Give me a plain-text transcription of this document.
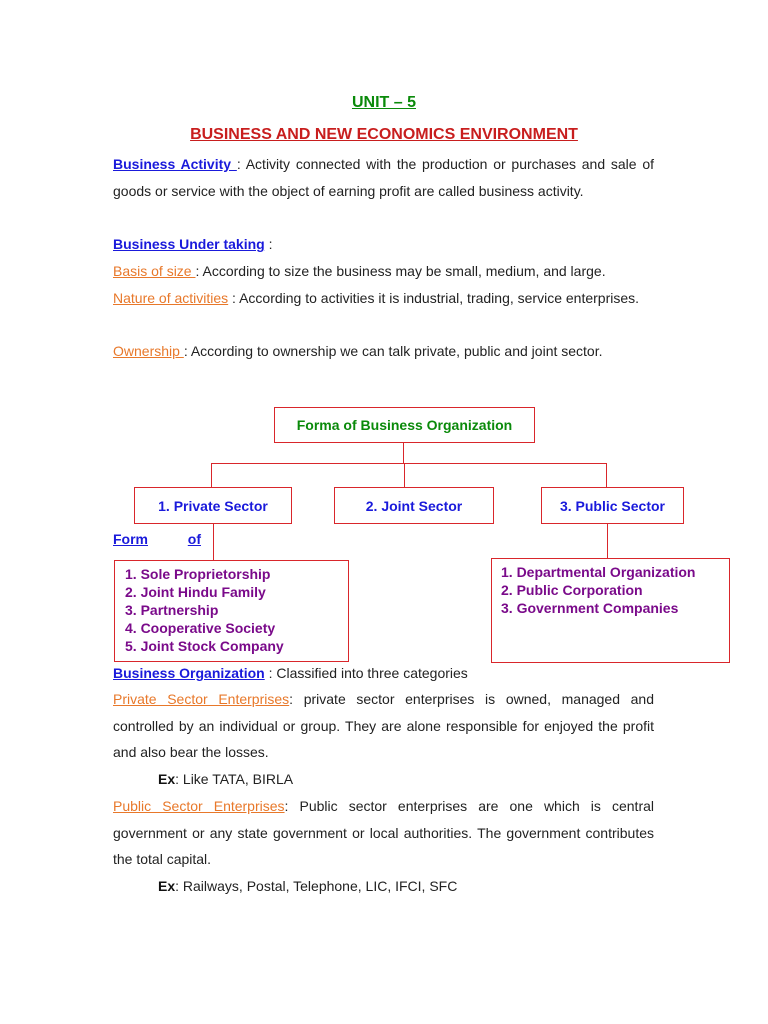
UNIT – 5
BUSINESS AND NEW ECONOMICS ENVIRONMENT
Business Activity : Activity connected with the production or purchases and sale of goods or service with the object of earning profit are called business activity.
Business Under taking :
Basis of size : According to size the business may be small, medium, and large.
Nature of activities : According to activities it is industrial, trading, service enterprises.
Ownership : According to ownership we can talk private, public and joint sector.
Forma of Business Organization
1. Private Sector	2. Joint Sector	3. Public Sector
1. Sole Proprietorship
2. Joint Hindu Family
3. Partnership
4. Cooperative Society
5. Joint Stock Company
1. Departmental Organization
2. Public Corporation
3. Government Companies
Form	of
Business Organization : Classified into three categories
Private Sector Enterprises: private sector enterprises is owned, managed and controlled by an individual or group. They are alone responsible for enjoyed the profit and also bear the losses.
Ex: Like TATA, BIRLA
Public Sector Enterprises: Public sector enterprises are one which is central government or any state government or local authorities. The government contributes the total capital.
Ex: Railways, Postal, Telephone, LIC, IFCI, SFC
